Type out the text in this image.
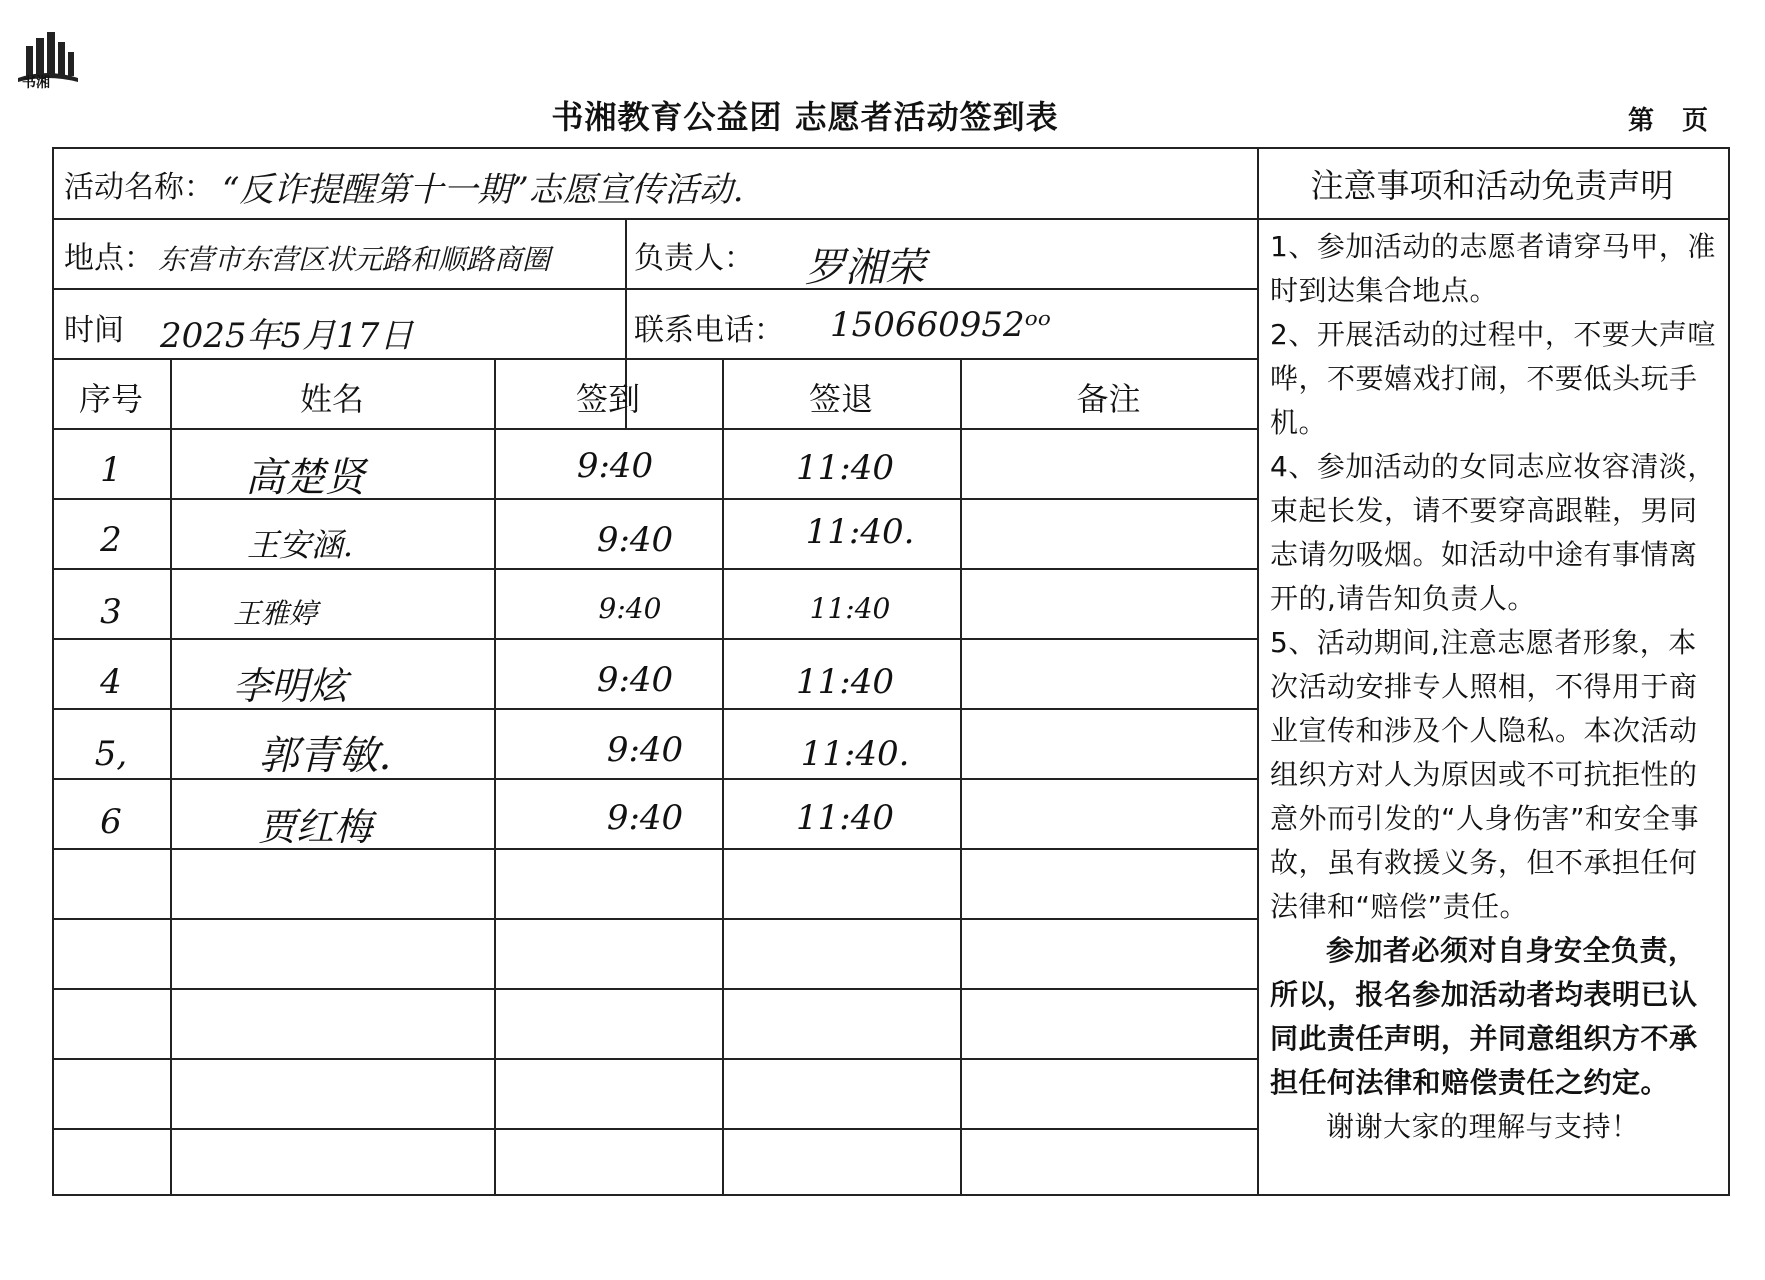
书湘
书湘教育公益团 志愿者活动签到表	第 页
活动名称： “反诈提醒第十一期”志愿宣传活动.
地点： 东营市东营区状元路和顺路商圈	负责人： 罗湘荣
时间 2025年5月17日	联系电话： 150660952ᵒᵒ
序号	姓名	签到	签退	备注
1	高楚贤	9:40	11:40
2	王安涵.	9:40	11:40.
3	王雅婷	9:40	11:40
4	李明炫	9:40	11:40
5,	郭青敏.	9:40	11:40.
6	贾红梅	9:40	11:40
注意事项和活动免责声明

1、参加活动的志愿者请穿马甲，准时到达集合地点。

2、开展活动的过程中，不要大声喧哗，不要嬉戏打闹，不要低头玩手机。

4、参加活动的女同志应妆容清淡，束起长发，请不要穿高跟鞋，男同志请勿吸烟。如活动中途有事情离开的,请告知负责人。

5、活动期间,注意志愿者形象，本次活动安排专人照相，不得用于商业宣传和涉及个人隐私。本次活动组织方对人为原因或不可抗拒性的意外而引发的“人身伤害”和安全事故，虽有救援义务，但不承担任何法律和“赔偿”责任。

参加者必须对自身安全负责，所以，报名参加活动者均表明已认同此责任声明，并同意组织方不承担任何法律和赔偿责任之约定。

谢谢大家的理解与支持！
